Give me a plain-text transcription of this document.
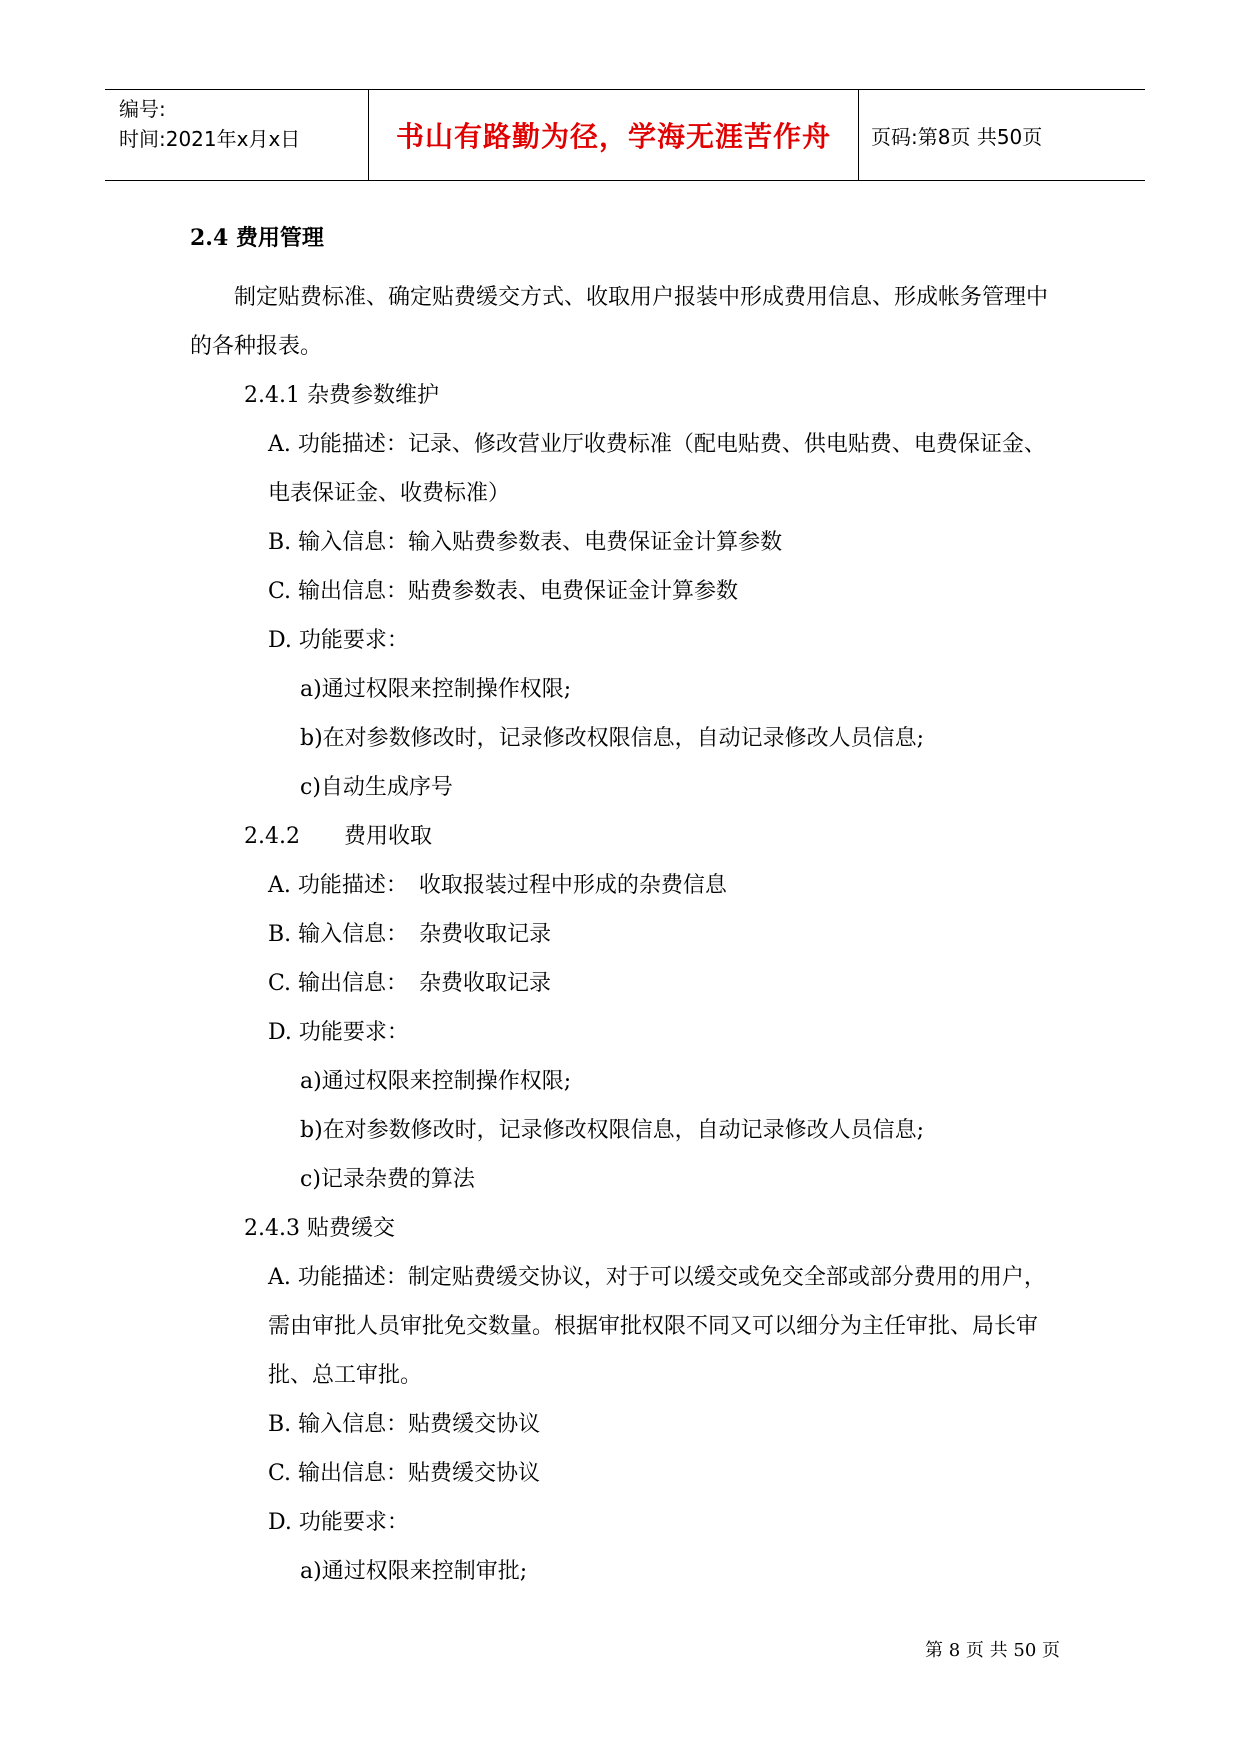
编号:
时间:2021年x月x日	书山有路勤为径，学海无涯苦作舟	页码:第8页 共50页

2.4 费用管理

制定贴费标准、确定贴费缓交方式、收取用户报装中形成费用信息、形成帐务管理中的各种报表。

2.4.1 杂费参数维护

A. 功能描述：记录、修改营业厅收费标准（配电贴费、供电贴费、电费保证金、电表保证金、收费标准）

B. 输入信息：输入贴费参数表、电费保证金计算参数

C. 输出信息：贴费参数表、电费保证金计算参数

D. 功能要求：

a)通过权限来控制操作权限;

b)在对参数修改时，记录修改权限信息，自动记录修改人员信息;

c)自动生成序号

2.4.2　　费用收取

A. 功能描述：　收取报装过程中形成的杂费信息

B. 输入信息：　杂费收取记录

C. 输出信息：　杂费收取记录

D. 功能要求：

a)通过权限来控制操作权限;

b)在对参数修改时，记录修改权限信息，自动记录修改人员信息;

c)记录杂费的算法

2.4.3 贴费缓交

A. 功能描述：制定贴费缓交协议，对于可以缓交或免交全部或部分费用的用户，需由审批人员审批免交数量。根据审批权限不同又可以细分为主任审批、局长审批、总工审批。

B. 输入信息：贴费缓交协议

C. 输出信息：贴费缓交协议

D. 功能要求：

a)通过权限来控制审批;

第 8 页 共 50 页
